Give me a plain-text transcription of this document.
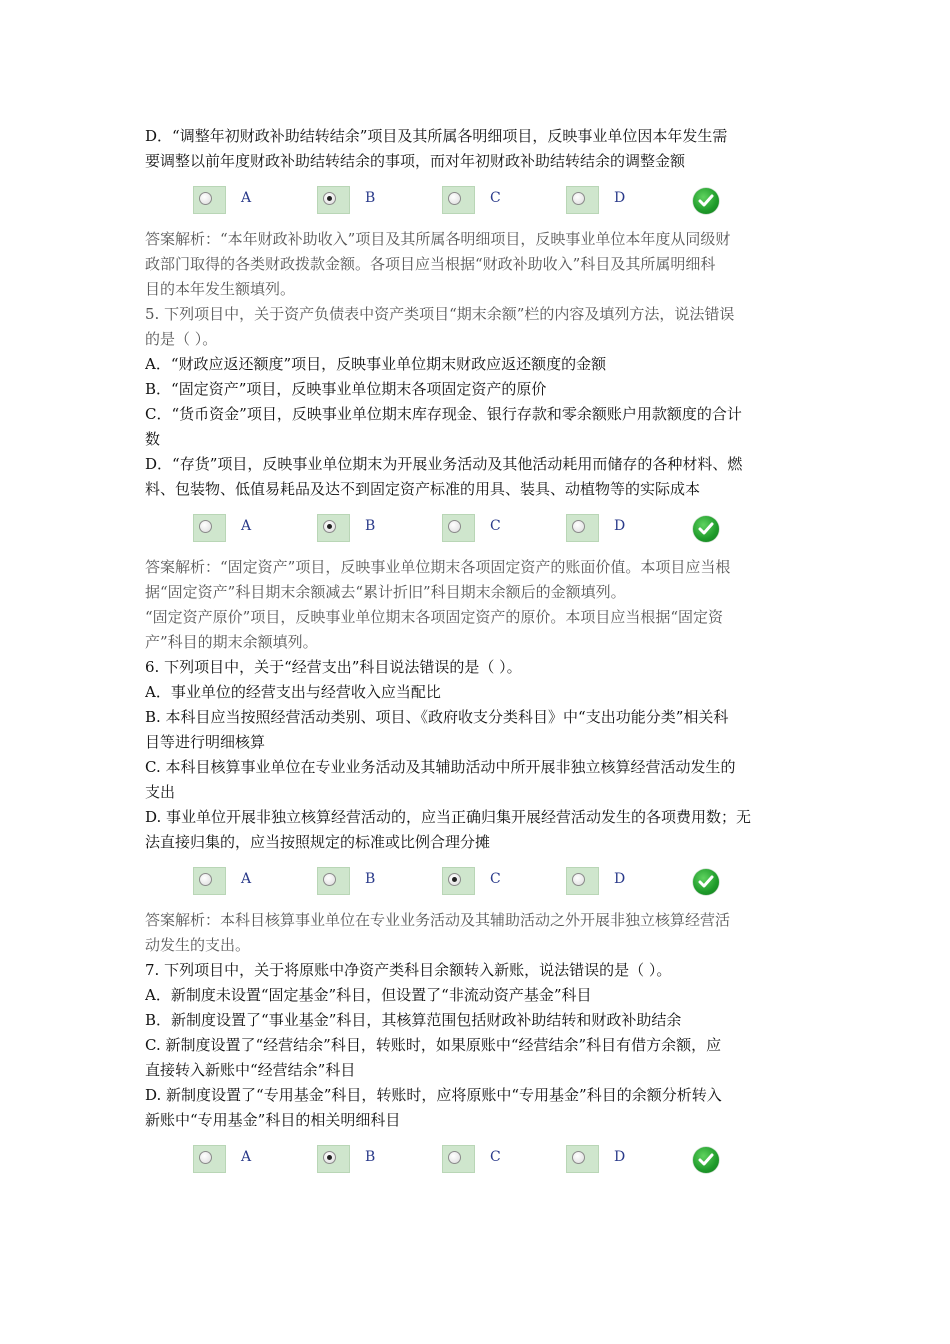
D．“调整年初财政补助结转结余”项目及其所属各明细项目，反映事业单位因本年发生需
要调整以前年度财政补助结转结余的事项，而对年初财政补助结转结余的调整金额
A	B	C	D
答案解析：“本年财政补助收入”项目及其所属各明细项目，反映事业单位本年度从同级财
政部门取得的各类财政拨款金额。各项目应当根据“财政补助收入”科目及其所属明细科
目的本年发生额填列。
5. 下列项目中，关于资产负债表中资产类项目“期末余额”栏的内容及填列方法，说法错误
的是（ ）。
A．“财政应返还额度”项目，反映事业单位期末财政应返还额度的金额
B．“固定资产”项目，反映事业单位期末各项固定资产的原价
C．“货币资金”项目，反映事业单位期末库存现金、银行存款和零余额账户用款额度的合计
数
D．“存货”项目，反映事业单位期末为开展业务活动及其他活动耗用而储存的各种材料、燃
料、包装物、低值易耗品及达不到固定资产标准的用具、装具、动植物等的实际成本
A	B	C	D
答案解析：“固定资产”项目，反映事业单位期末各项固定资产的账面价值。本项目应当根
据“固定资产”科目期末余额减去“累计折旧”科目期末余额后的金额填列。
“固定资产原价”项目，反映事业单位期末各项固定资产的原价。本项目应当根据“固定资
产”科目的期末余额填列。
6. 下列项目中，关于“经营支出”科目说法错误的是（ ）。
A．事业单位的经营支出与经营收入应当配比
B. 本科目应当按照经营活动类别、项目、《政府收支分类科目》中“支出功能分类”相关科
目等进行明细核算
C. 本科目核算事业单位在专业业务活动及其辅助活动中所开展非独立核算经营活动发生的
支出
D. 事业单位开展非独立核算经营活动的，应当正确归集开展经营活动发生的各项费用数；无
法直接归集的，应当按照规定的标准或比例合理分摊
A	B	C	D
答案解析：本科目核算事业单位在专业业务活动及其辅助活动之外开展非独立核算经营活
动发生的支出。
7. 下列项目中，关于将原账中净资产类科目余额转入新账，说法错误的是（ ）。
A．新制度未设置“固定基金”科目，但设置了“非流动资产基金”科目
B．新制度设置了“事业基金”科目，其核算范围包括财政补助结转和财政补助结余
C. 新制度设置了“经营结余”科目，转账时，如果原账中“经营结余”科目有借方余额，应
直接转入新账中“经营结余”科目
D. 新制度设置了“专用基金”科目，转账时，应将原账中“专用基金”科目的余额分析转入
新账中“专用基金”科目的相关明细科目
A	B	C	D
